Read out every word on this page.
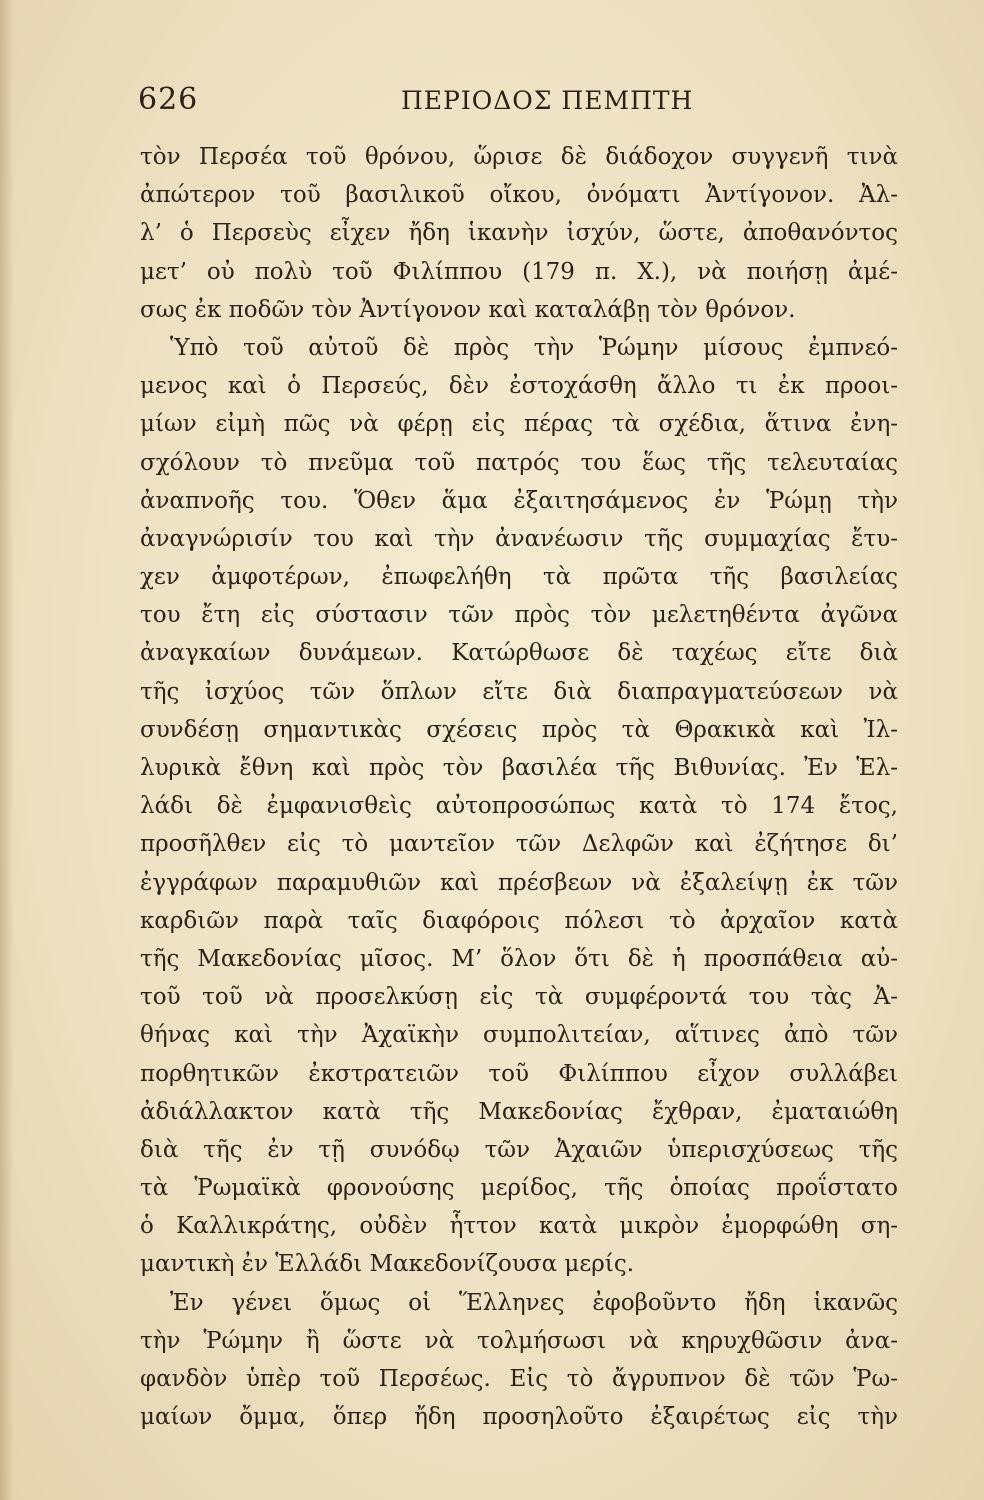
626	ΠΕΡΙΟΔΟΣ ΠΕΜΠΤΗ
τὸν Περσέα τοῦ θρόνου, ὥρισε δὲ διάδοχον συγγενῆ τινὰ
ἀπώτερον τοῦ βασιλικοῦ οἴκου, ὀνόματι Ἀντίγονον. Ἀλ-
λ’ ὁ Περσεὺς εἶχεν ἤδη ἱκανὴν ἰσχύν, ὥστε, ἀποθανόντος
μετ’ οὐ πολὺ τοῦ Φιλίππου (179 π. Χ.), νὰ ποιήσῃ ἀμέ-
σως ἐκ ποδῶν τὸν Ἀντίγονον καὶ καταλάβῃ τὸν θρόνον.
Ὑπὸ τοῦ αὐτοῦ δὲ πρὸς τὴν Ῥώμην μίσους ἐμπνεό-
μενος καὶ ὁ Περσεύς, δὲν ἐστοχάσθη ἄλλο τι ἐκ προοι-
μίων εἰμὴ πῶς νὰ φέρῃ εἰς πέρας τὰ σχέδια, ἅτινα ἐνη-
σχόλουν τὸ πνεῦμα τοῦ πατρός του ἕως τῆς τελευταίας
ἀναπνοῆς του. Ὅθεν ἅμα ἐξαιτησάμενος ἐν Ῥώμῃ τὴν
ἀναγνώρισίν του καὶ τὴν ἀνανέωσιν τῆς συμμαχίας ἔτυ-
χεν ἀμφοτέρων, ἐπωφελήθη τὰ πρῶτα τῆς βασιλείας
του ἔτη εἰς σύστασιν τῶν πρὸς τὸν μελετηθέντα ἀγῶνα
ἀναγκαίων δυνάμεων. Κατώρθωσε δὲ ταχέως εἴτε διὰ
τῆς ἰσχύος τῶν ὅπλων εἴτε διὰ διαπραγματεύσεων νὰ
συνδέσῃ σημαντικὰς σχέσεις πρὸς τὰ Θρακικὰ καὶ Ἰλ-
λυρικὰ ἔθνη καὶ πρὸς τὸν βασιλέα τῆς Βιθυνίας. Ἐν Ἑλ-
λάδι δὲ ἐμφανισθεὶς αὐτοπροσώπως κατὰ τὸ 174 ἔτος,
προσῆλθεν εἰς τὸ μαντεῖον τῶν Δελφῶν καὶ ἐζήτησε δι’
ἐγγράφων παραμυθιῶν καὶ πρέσβεων νὰ ἐξαλείψῃ ἐκ τῶν
καρδιῶν παρὰ ταῖς διαφόροις πόλεσι τὸ ἀρχαῖον κατὰ
τῆς Μακεδονίας μῖσος. Μ’ ὅλον ὅτι δὲ ἡ προσπάθεια αὐ-
τοῦ τοῦ νὰ προσελκύσῃ εἰς τὰ συμφέροντά του τὰς Ἀ-
θήνας καὶ τὴν Ἀχαϊκὴν συμπολιτείαν, αἵτινες ἀπὸ τῶν
πορθητικῶν ἐκστρατειῶν τοῦ Φιλίππου εἶχον συλλάβει
ἀδιάλλακτον κατὰ τῆς Μακεδονίας ἔχθραν, ἐματαιώθη
διὰ τῆς ἐν τῇ συνόδῳ τῶν Ἀχαιῶν ὑπερισχύσεως τῆς
τὰ Ῥωμαϊκὰ φρονούσης μερίδος, τῆς ὁποίας προΐστατο
ὁ Καλλικράτης, οὐδὲν ἧττον κατὰ μικρὸν ἐμορφώθη ση-
μαντικὴ ἐν Ἑλλάδι Μακεδονίζουσα μερίς.
Ἐν γένει ὅμως οἱ Ἕλληνες ἐφοβοῦντο ἤδη ἱκανῶς
τὴν Ῥώμην ἢ ὥστε νὰ τολμήσωσι νὰ κηρυχθῶσιν ἀνα-
φανδὸν ὑπὲρ τοῦ Περσέως. Εἰς τὸ ἄγρυπνον δὲ τῶν Ῥω-
μαίων ὄμμα, ὅπερ ἤδη προσηλοῦτο ἐξαιρέτως εἰς τὴν
